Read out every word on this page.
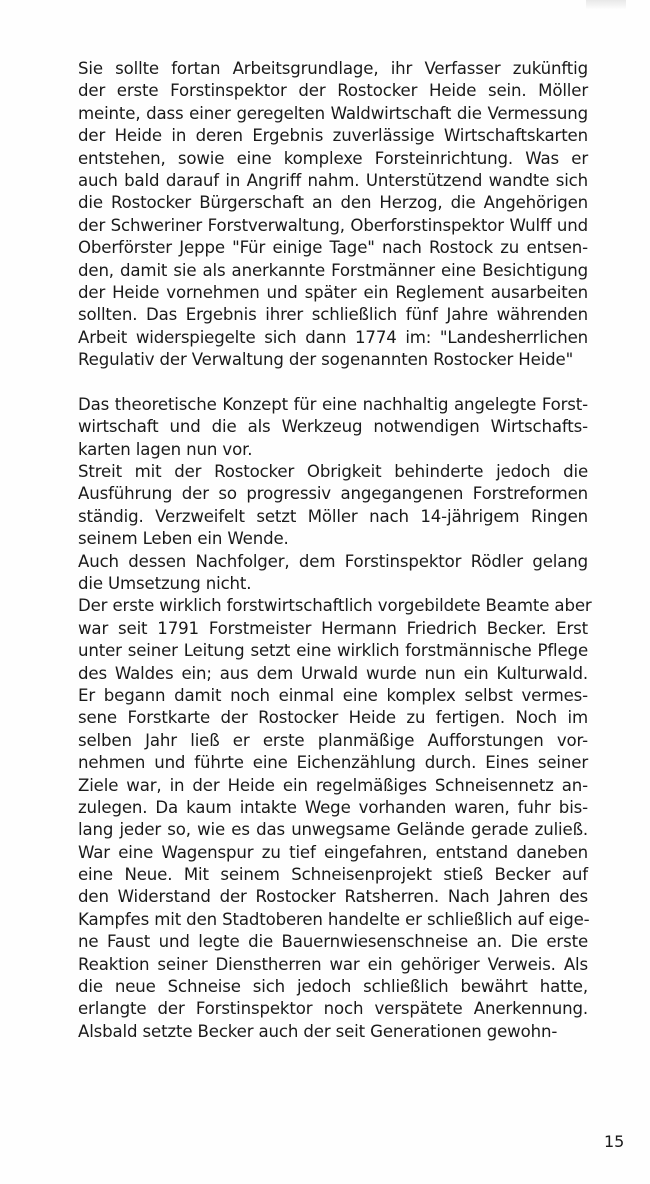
Sie sollte fortan Arbeitsgrundlage, ihr Verfasser zukünftig
der erste Forstinspektor der Rostocker Heide sein. Möller
meinte, dass einer geregelten Waldwirtschaft die Vermessung
der Heide in deren Ergebnis zuverlässige Wirtschaftskarten
entstehen, sowie eine komplexe Forsteinrichtung. Was er
auch bald darauf in Angriff nahm. Unterstützend wandte sich
die Rostocker Bürgerschaft an den Herzog, die Angehörigen
der Schweriner Forstverwaltung, Oberforstinspektor Wulff und
Oberförster Jeppe "Für einige Tage" nach Rostock zu entsen-
den, damit sie als anerkannte Forstmänner eine Besichtigung
der Heide vornehmen und später ein Reglement ausarbeiten
sollten. Das Ergebnis ihrer schließlich fünf Jahre währenden
Arbeit widerspiegelte sich dann 1774 im: "Landesherrlichen
Regulativ der Verwaltung der sogenannten Rostocker Heide"
Das theoretische Konzept für eine nachhaltig angelegte Forst-
wirtschaft und die als Werkzeug notwendigen Wirtschafts-
karten lagen nun vor.
Streit mit der Rostocker Obrigkeit behinderte jedoch die
Ausführung der so progressiv angegangenen Forstreformen
ständig. Verzweifelt setzt Möller nach 14-jährigem Ringen
seinem Leben ein Wende.
Auch dessen Nachfolger, dem Forstinspektor Rödler gelang
die Umsetzung nicht.
Der erste wirklich forstwirtschaftlich vorgebildete Beamte aber
war seit 1791 Forstmeister Hermann Friedrich Becker. Erst
unter seiner Leitung setzt eine wirklich forstmännische Pflege
des Waldes ein; aus dem Urwald wurde nun ein Kulturwald.
Er begann damit noch einmal eine komplex selbst vermes-
sene Forstkarte der Rostocker Heide zu fertigen. Noch im
selben Jahr ließ er erste planmäßige Aufforstungen vor-
nehmen und führte eine Eichenzählung durch. Eines seiner
Ziele war, in der Heide ein regelmäßiges Schneisennetz an-
zulegen. Da kaum intakte Wege vorhanden waren, fuhr bis-
lang jeder so, wie es das unwegsame Gelände gerade zuließ.
War eine Wagenspur zu tief eingefahren, entstand daneben
eine Neue. Mit seinem Schneisenprojekt stieß Becker auf
den Widerstand der Rostocker Ratsherren. Nach Jahren des
Kampfes mit den Stadtoberen handelte er schließlich auf eige-
ne Faust und legte die Bauernwiesenschneise an. Die erste
Reaktion seiner Dienstherren war ein gehöriger Verweis. Als
die neue Schneise sich jedoch schließlich bewährt hatte,
erlangte der Forstinspektor noch verspätete Anerkennung.
Alsbald setzte Becker auch der seit Generationen gewohn-
15
